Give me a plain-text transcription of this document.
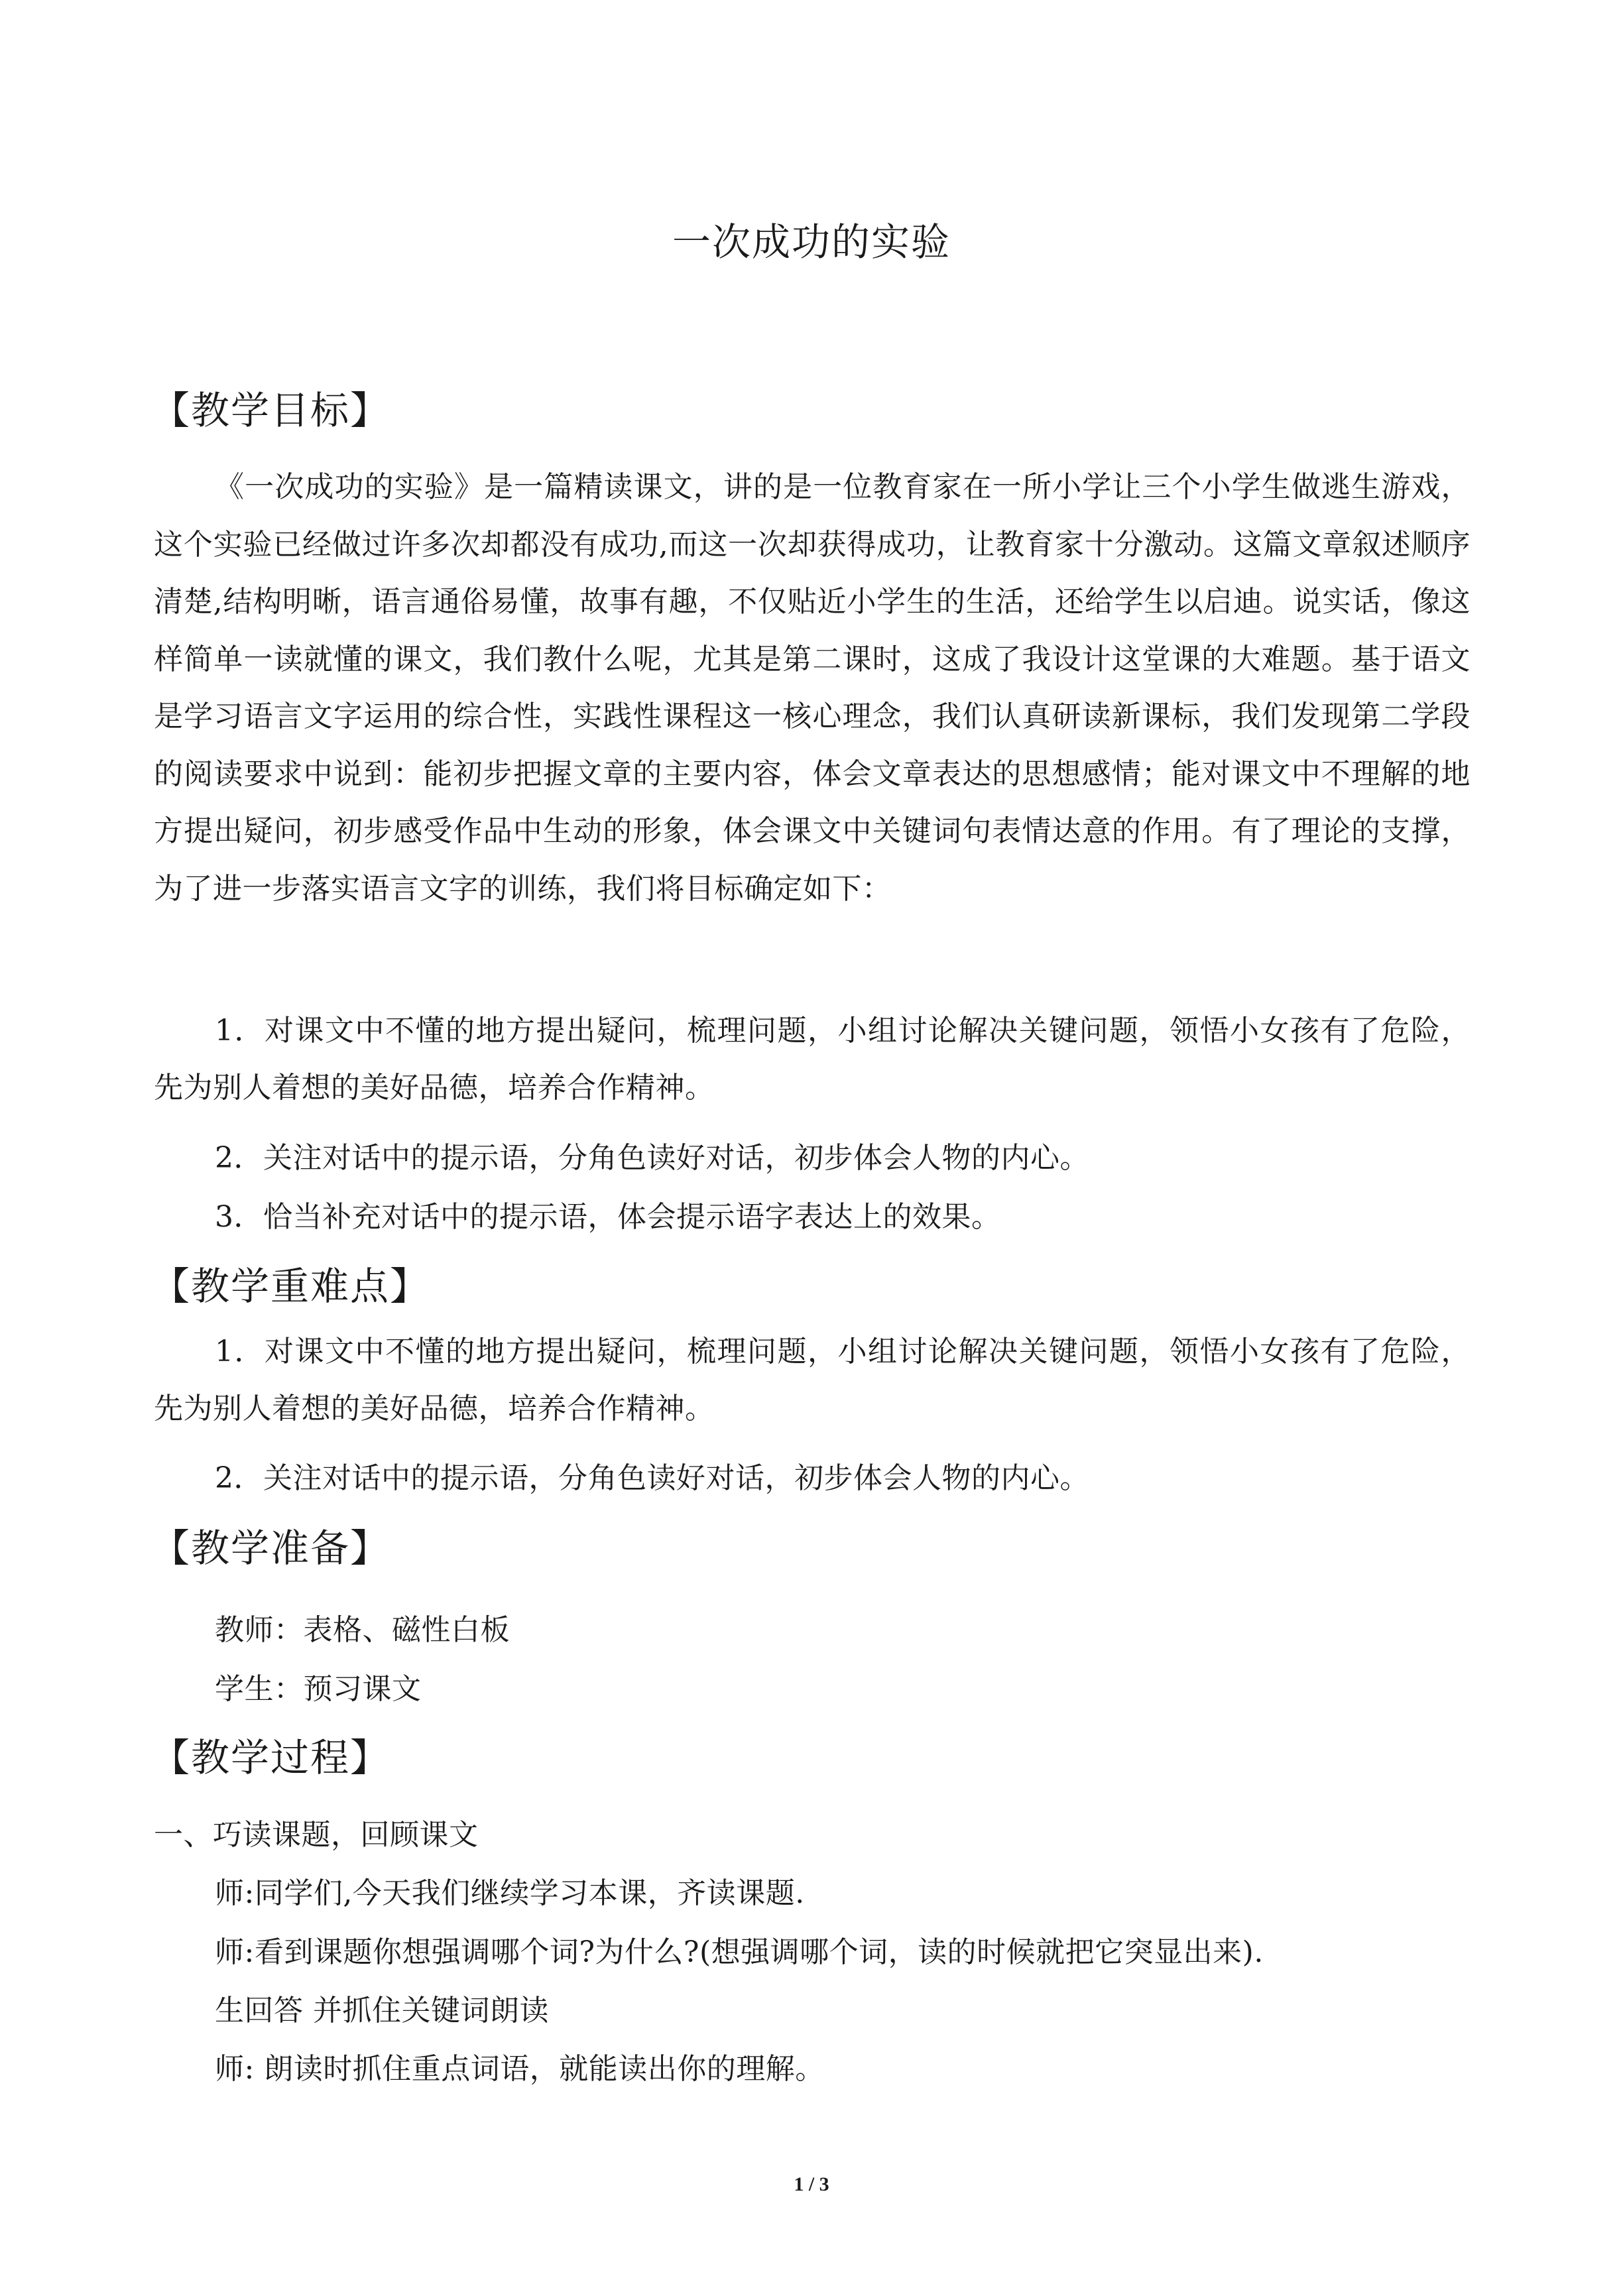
一次成功的实验
【教学目标】
《一次成功的实验》是一篇精读课文，讲的是一位教育家在一所小学让三个小学生做逃生游戏，这个实验已经做过许多次却都没有成功,而这一次却获得成功，让教育家十分激动。这篇文章叙述顺序清楚,结构明晰，语言通俗易懂，故事有趣，不仅贴近小学生的生活，还给学生以启迪。说实话，像这样简单一读就懂的课文，我们教什么呢，尤其是第二课时，这成了我设计这堂课的大难题。基于语文是学习语言文字运用的综合性，实践性课程这一核心理念，我们认真研读新课标，我们发现第二学段的阅读要求中说到：能初步把握文章的主要内容，体会文章表达的思想感情；能对课文中不理解的地方提出疑问，初步感受作品中生动的形象，体会课文中关键词句表情达意的作用。有了理论的支撑，为了进一步落实语言文字的训练，我们将目标确定如下：
1．对课文中不懂的地方提出疑问，梳理问题，小组讨论解决关键问题，领悟小女孩有了危险，先为别人着想的美好品德，培养合作精神。
2．关注对话中的提示语，分角色读好对话，初步体会人物的内心。
3．恰当补充对话中的提示语，体会提示语字表达上的效果。
【教学重难点】
1．对课文中不懂的地方提出疑问，梳理问题，小组讨论解决关键问题，领悟小女孩有了危险，先为别人着想的美好品德，培养合作精神。
2．关注对话中的提示语，分角色读好对话，初步体会人物的内心。
【教学准备】
教师：表格、磁性白板
学生：预习课文
【教学过程】
一、巧读课题，回顾课文
师:同学们,今天我们继续学习本课，齐读课题.
师:看到课题你想强调哪个词?为什么?(想强调哪个词，读的时候就把它突显出来).
生回答 并抓住关键词朗读
师: 朗读时抓住重点词语，就能读出你的理解。
1 / 3
